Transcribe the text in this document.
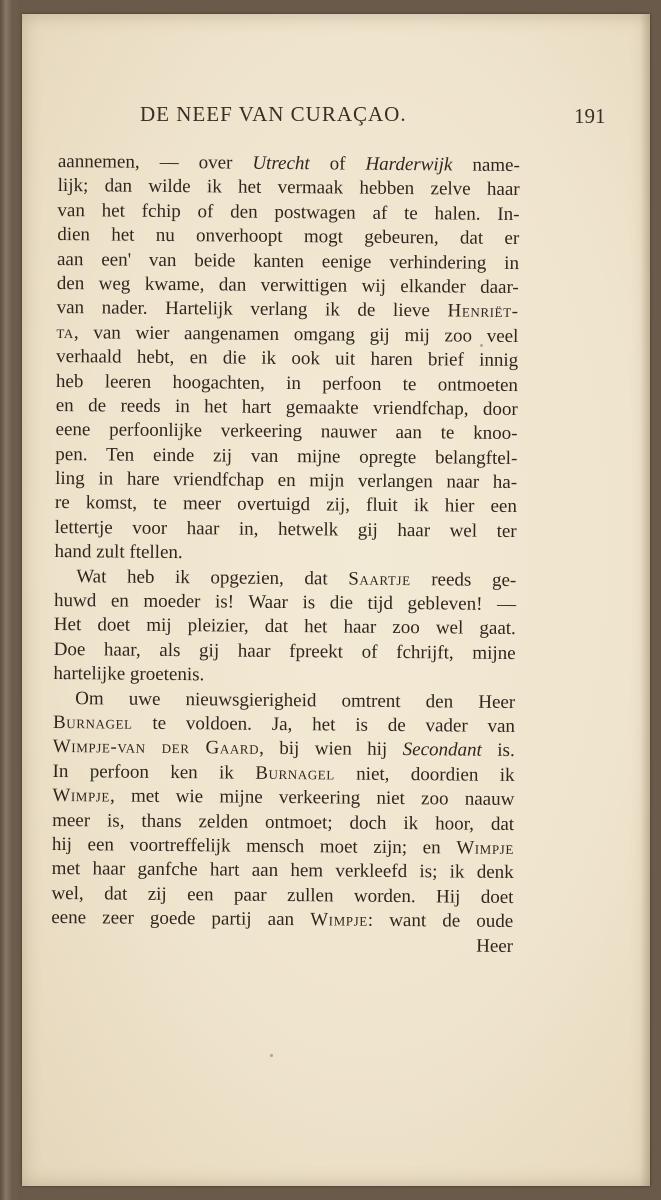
DE NEEF VAN CURAÇAO.	191
aannemen, — over Utrecht of Harderwijk name-
lijk; dan wilde ik het vermaak hebben zelve haar
van het fchip of den postwagen af te halen. In-
dien het nu onverhoopt mogt gebeuren, dat er
aan een' van beide kanten eenige verhindering in
den weg kwame, dan verwittigen wij elkander daar-
van nader. Hartelijk verlang ik de lieve Henriët-
ta, van wier aangenamen omgang gij mij zoo veel
verhaald hebt, en die ik ook uit haren brief innig
heb leeren hoogachten, in perfoon te ontmoeten
en de reeds in het hart gemaakte vriendfchap, door
eene perfoonlijke verkeering nauwer aan te knoo-
pen. Ten einde zij van mijne opregte belangftel-
ling in hare vriendfchap en mijn verlangen naar ha-
re komst, te meer overtuigd zij, fluit ik hier een
lettertje voor haar in, hetwelk gij haar wel ter
hand zult ftellen.
Wat heb ik opgezien, dat Saartje reeds ge-
huwd en moeder is! Waar is die tijd gebleven! —
Het doet mij pleizier, dat het haar zoo wel gaat.
Doe haar, als gij haar fpreekt of fchrijft, mijne
hartelijke groetenis.
Om uwe nieuwsgierigheid omtrent den Heer
Burnagel te voldoen. Ja, het is de vader van
Wimpje-van der Gaard, bij wien hij Secondant is.
In perfoon ken ik Burnagel niet, doordien ik
Wimpje, met wie mijne verkeering niet zoo naauw
meer is, thans zelden ontmoet; doch ik hoor, dat
hij een voortreffelijk mensch moet zijn; en Wimpje
met haar ganfche hart aan hem verkleefd is; ik denk
wel, dat zij een paar zullen worden. Hij doet
eene zeer goede partij aan Wimpje: want de oude
Heer
